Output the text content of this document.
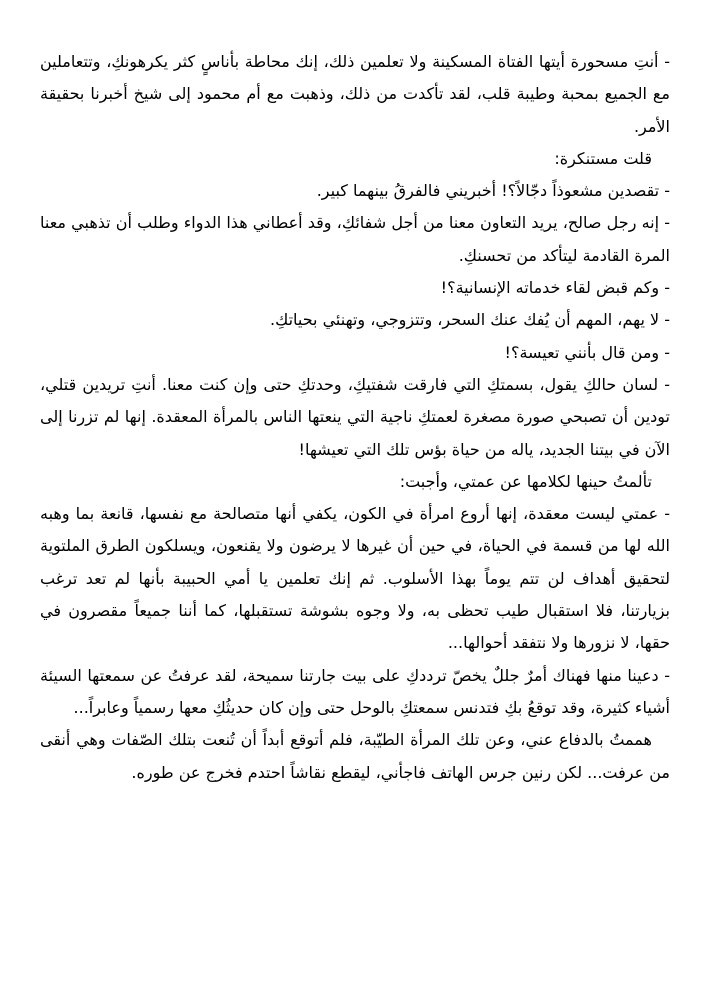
- أنتِ مسحورة أيتها الفتاة المسكينة ولا تعلمين ذلك، إنك محاطة بأناسٍ كثر يكرهونكِ، وتتعاملين مع الجميع بمحبة وطيبة قلب، لقد تأكدت من ذلك، وذهبت مع أم محمود إلى شيخ أخبرنا بحقيقة الأمر.

قلت مستنكرة:

- تقصدين مشعوذاً دجّالاً؟! أخبريني فالفرقُ بينهما كبير.

- إنه رجل صالح، يريد التعاون معنا من أجل شفائكِ، وقد أعطاني هذا الدواء وطلب أن تذهبي معنا المرة القادمة ليتأكد من تحسنكِ.

- وكم قبض لقاء خدماته الإنسانية؟!

- لا يهم، المهم أن يُفك عنك السحر، وتتزوجي، وتهنئي بحياتكِ.

- ومن قال بأنني تعيسة؟!

- لسان حالكِ يقول، بسمتكِ التي فارقت شفتيكِ، وحدتكِ حتى وإن كنت معنا. أنتِ تريدين قتلي، تودين أن تصبحي صورة مصغرة لعمتكِ ناجية التي ينعتها الناس بالمرأة المعقدة. إنها لم تزرنا إلى الآن في بيتنا الجديد، ياله من حياة بؤس تلك التي تعيشها!

تألمتُ حينها لكلامها عن عمتي، وأجبت:

- عمتي ليست معقدة، إنها أروع امرأة في الكون، يكفي أنها متصالحة مع نفسها، قانعة بما وهبه الله لها من قسمة في الحياة، في حين أن غيرها لا يرضون ولا يقنعون، ويسلكون الطرق الملتوية لتحقيق أهداف لن تتم يوماً بهذا الأسلوب. ثم إنك تعلمين يا أمي الحبيبة بأنها لم تعد ترغب بزيارتنا، فلا استقبال طيب تحظى به، ولا وجوه بشوشة تستقبلها، كما أننا جميعاً مقصرون في حقها، لا نزورها ولا نتفقد أحوالها...

- دعينا منها فهناك أمرٌ جللٌ يخصّ ترددكِ على بيت جارتنا سميحة، لقد عرفتُ عن سمعتها السيئة أشياء كثيرة، وقد توقعُ بكِ فتدنس سمعتكِ بالوحل حتى وإن كان حديثُكِ معها رسمياً وعابراً...

هممتُ بالدفاع عني، وعن تلك المرأة الطيّبة، فلم أتوقع أبداً أن تُنعت بتلك الصّفات وهي أنقى من عرفت... لكن رنين جرس الهاتف فاجأني، ليقطع نقاشاً احتدم فخرج عن طوره.
